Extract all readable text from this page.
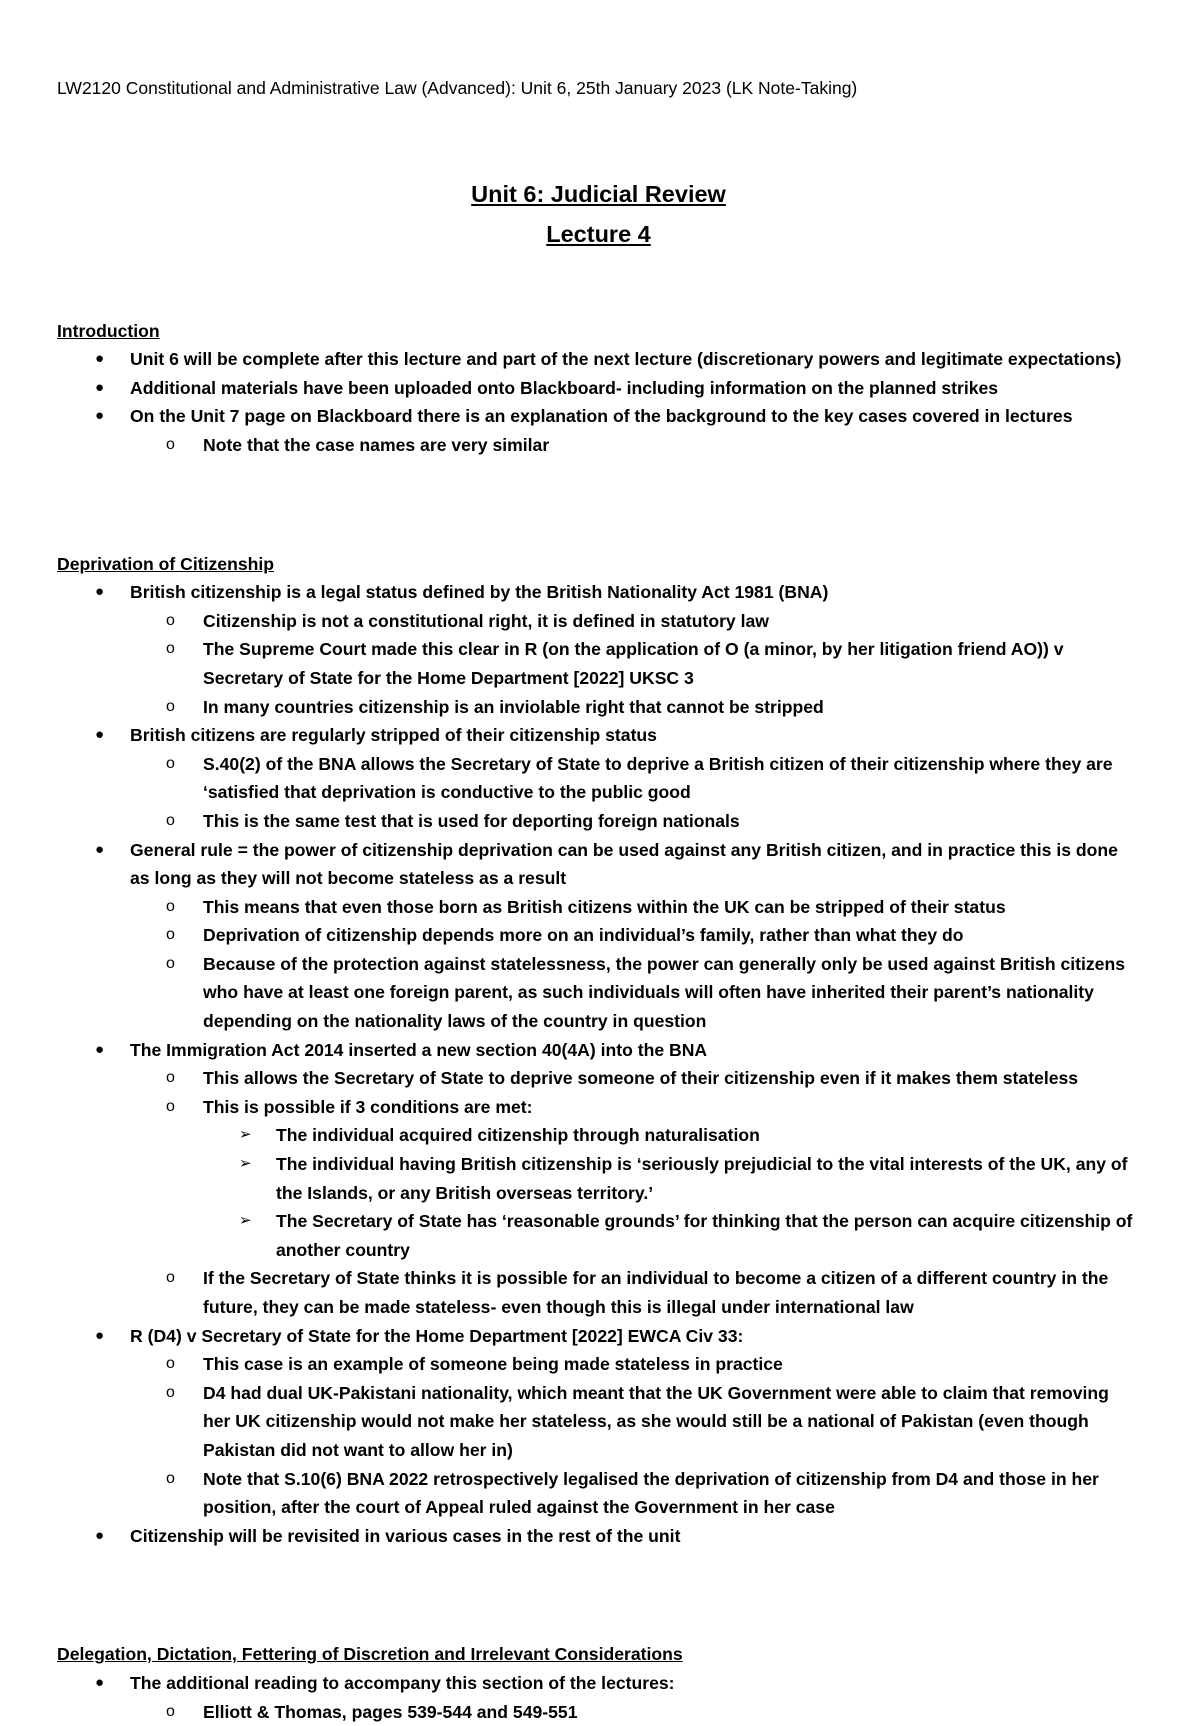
LW2120 Constitutional and Administrative Law (Advanced): Unit 6, 25th January 2023 (LK Note-Taking)

Unit 6: Judicial Review

Lecture 4

Introduction

● Unit 6 will be complete after this lecture and part of the next lecture (discretionary powers and legitimate expectations)
● Additional materials have been uploaded onto Blackboard- including information on the planned strikes
● On the Unit 7 page on Blackboard there is an explanation of the background to the key cases covered in lectures
o Note that the case names are very similar

Deprivation of Citizenship

● British citizenship is a legal status defined by the British Nationality Act 1981 (BNA)
o Citizenship is not a constitutional right, it is defined in statutory law
o The Supreme Court made this clear in R (on the application of O (a minor, by her litigation friend AO)) v Secretary of State for the Home Department [2022] UKSC 3
o In many countries citizenship is an inviolable right that cannot be stripped
● British citizens are regularly stripped of their citizenship status
o S.40(2) of the BNA allows the Secretary of State to deprive a British citizen of their citizenship where they are ‘satisfied that deprivation is conductive to the public good
o This is the same test that is used for deporting foreign nationals
● General rule = the power of citizenship deprivation can be used against any British citizen, and in practice this is done as long as they will not become stateless as a result
o This means that even those born as British citizens within the UK can be stripped of their status
o Deprivation of citizenship depends more on an individual’s family, rather than what they do
o Because of the protection against statelessness, the power can generally only be used against British citizens who have at least one foreign parent, as such individuals will often have inherited their parent’s nationality depending on the nationality laws of the country in question
● The Immigration Act 2014 inserted a new section 40(4A) into the BNA
o This allows the Secretary of State to deprive someone of their citizenship even if it makes them stateless
o This is possible if 3 conditions are met:
➢ The individual acquired citizenship through naturalisation
➢ The individual having British citizenship is ‘seriously prejudicial to the vital interests of the UK, any of the Islands, or any British overseas territory.’
➢ The Secretary of State has ‘reasonable grounds’ for thinking that the person can acquire citizenship of another country
o If the Secretary of State thinks it is possible for an individual to become a citizen of a different country in the future, they can be made stateless- even though this is illegal under international law
● R (D4) v Secretary of State for the Home Department [2022] EWCA Civ 33:
o This case is an example of someone being made stateless in practice
o D4 had dual UK-Pakistani nationality, which meant that the UK Government were able to claim that removing her UK citizenship would not make her stateless, as she would still be a national of Pakistan (even though Pakistan did not want to allow her in)
o Note that S.10(6) BNA 2022 retrospectively legalised the deprivation of citizenship from D4 and those in her position, after the court of Appeal ruled against the Government in her case
● Citizenship will be revisited in various cases in the rest of the unit

Delegation, Dictation, Fettering of Discretion and Irrelevant Considerations

● The additional reading to accompany this section of the lectures:
o Elliott & Thomas, pages 539-544 and 549-551
